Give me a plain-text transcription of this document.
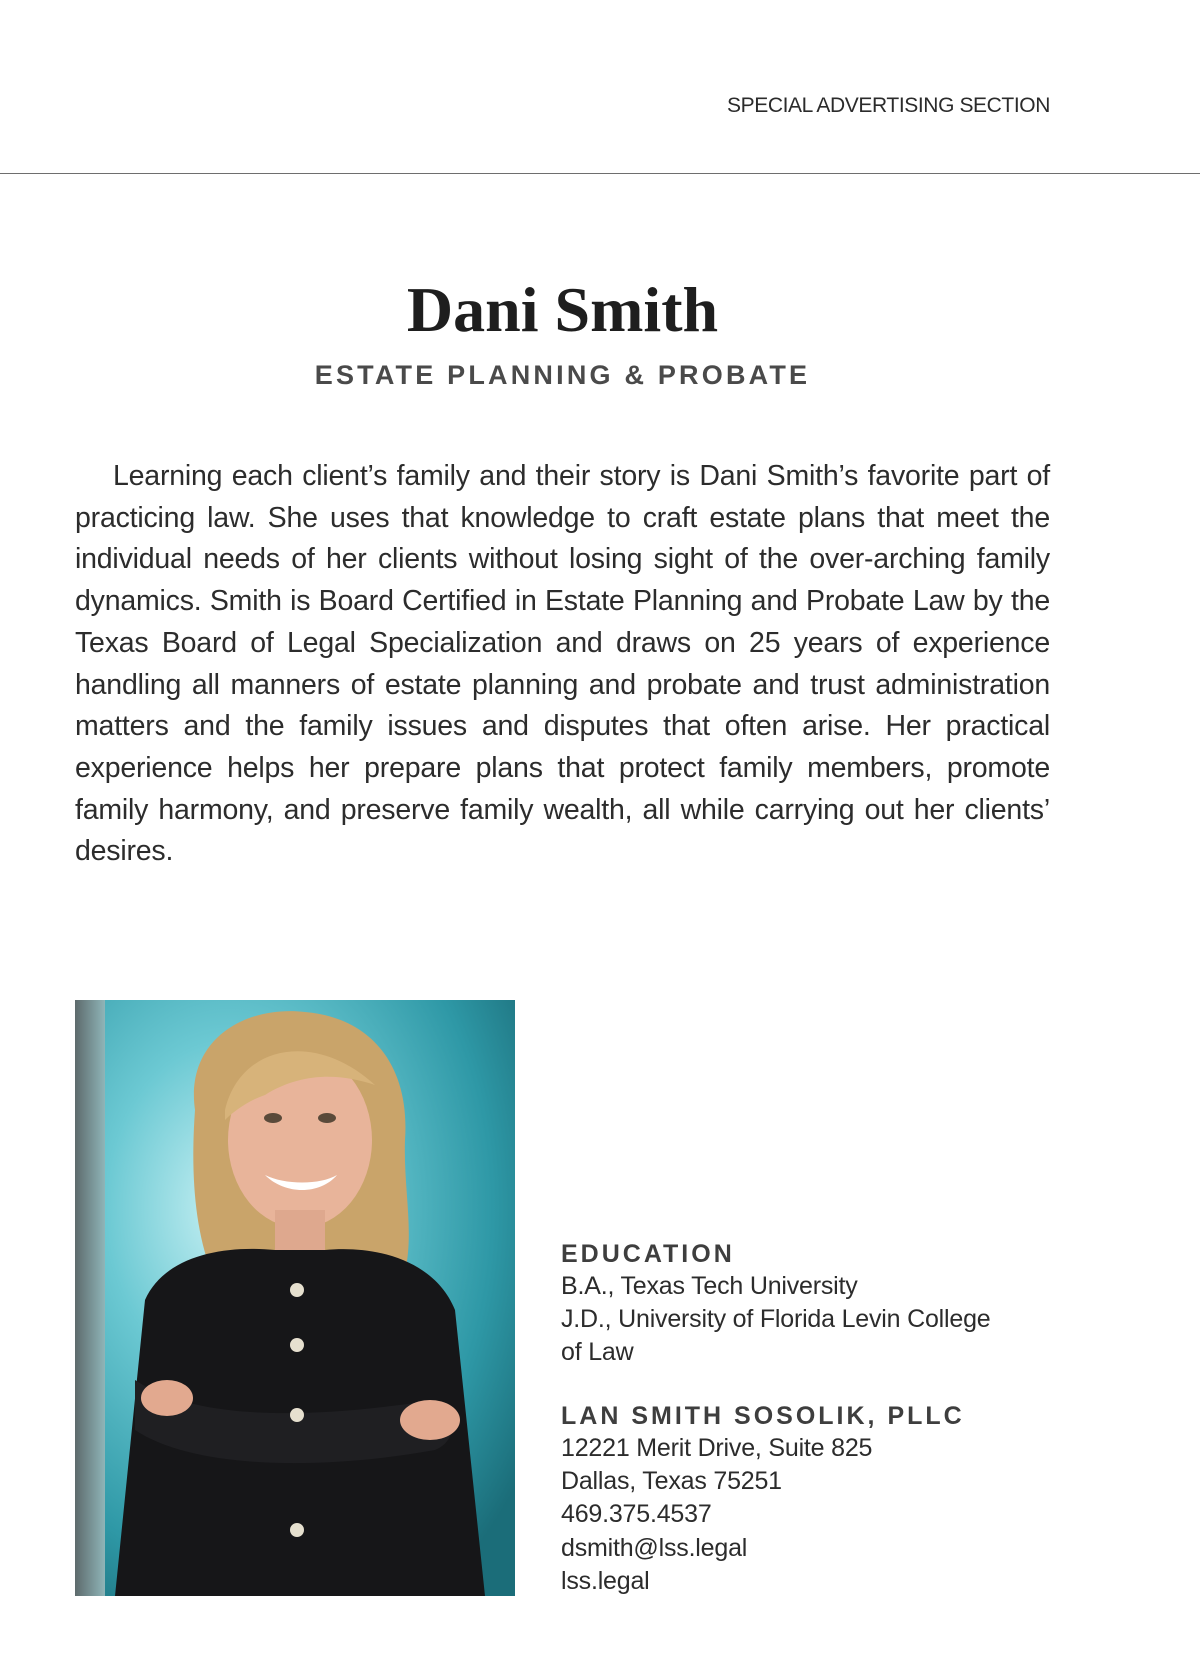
SPECIAL ADVERTISING SECTION
Dani Smith
ESTATE PLANNING & PROBATE

Learning each client’s family and their story is Dani Smith’s favorite part of practicing law. She uses that knowledge to craft estate plans that meet the individual needs of her clients without losing sight of the over-arching family dynamics. Smith is Board Certified in Estate Planning and Probate Law by the Texas Board of Legal Specialization and draws on 25 years of experience handling all manners of estate planning and probate and trust administration matters and the family issues and disputes that often arise. Her practical experience helps her prepare plans that protect family members, promote family harmony, and preserve family wealth, all while carrying out her clients’ desires.

EDUCATION
B.A., Texas Tech University
J.D., University of Florida Levin College
of Law
LAN SMITH SOSOLIK, PLLC
12221 Merit Drive, Suite 825
Dallas, Texas 75251
469.375.4537
dsmith@lss.legal
lss.legal
